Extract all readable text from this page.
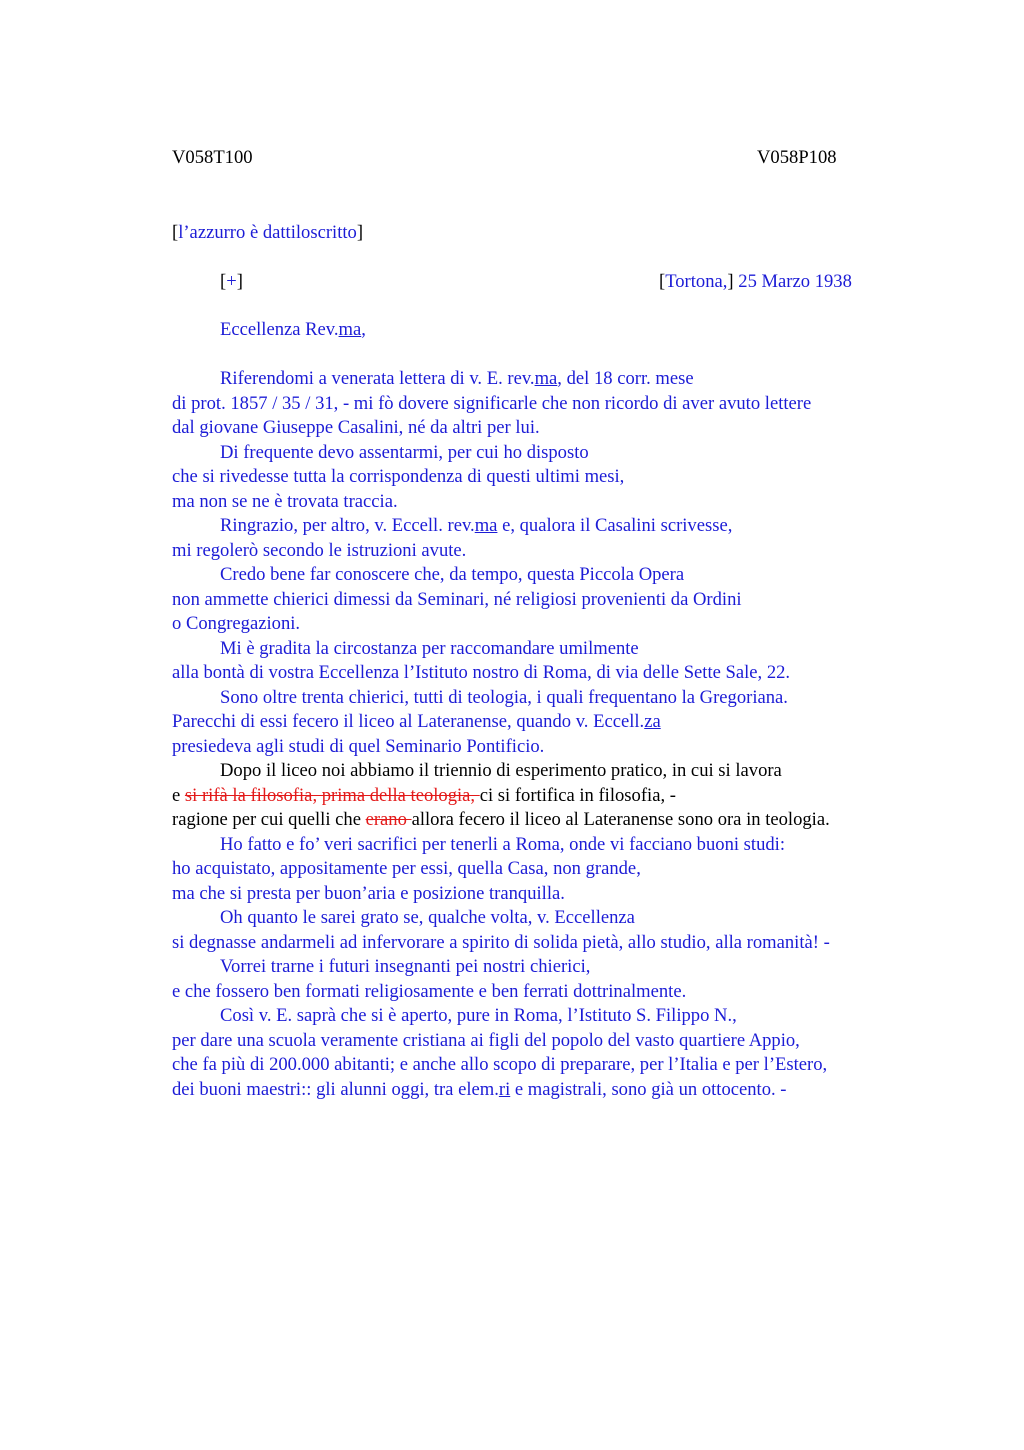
V058T100	V058P108
[l’azzurro è dattiloscritto]
[+]	[Tortona,] 25 Marzo 1938
Eccellenza Rev.ma,
Riferendomi a venerata lettera di v. E. rev.ma, del 18 corr. mese
di prot. 1857 / 35 / 31, - mi fò dovere significarle che non ricordo di aver avuto lettere
dal giovane Giuseppe Casalini, né da altri per lui.
Di frequente devo assentarmi, per cui ho disposto
che si rivedesse tutta la corrispondenza di questi ultimi mesi,
ma non se ne è trovata traccia.
Ringrazio, per altro, v. Eccell. rev.ma e, qualora il Casalini scrivesse,
mi regolerò secondo le istruzioni avute.
Credo bene far conoscere che, da tempo, questa Piccola Opera
non ammette chierici dimessi da Seminari, né religiosi provenienti da Ordini
o Congregazioni.
Mi è gradita la circostanza per raccomandare umilmente
alla bontà di vostra Eccellenza l’Istituto nostro di Roma, di via delle Sette Sale, 22.
Sono oltre trenta chierici, tutti di teologia, i quali frequentano la Gregoriana.
Parecchi di essi fecero il liceo al Lateranense, quando v. Eccell.za
presiedeva agli studi di quel Seminario Pontificio.
Dopo il liceo noi abbiamo il triennio di esperimento pratico, in cui si lavora
e si rifà la filosofia, prima della teologia, ci si fortifica in filosofia, -
ragione per cui quelli che erano allora fecero il liceo al Lateranense sono ora in teologia.
Ho fatto e fo’ veri sacrifici per tenerli a Roma, onde vi facciano buoni studi:
ho acquistato, appositamente per essi, quella Casa, non grande,
ma che si presta per buon’aria e posizione tranquilla.
Oh quanto le sarei grato se, qualche volta, v. Eccellenza
si degnasse andarmeli ad infervorare a spirito di solida pietà, allo studio, alla romanità! -
Vorrei trarne i futuri insegnanti pei nostri chierici,
e che fossero ben formati religiosamente e ben ferrati dottrinalmente.
Così v. E. saprà che si è aperto, pure in Roma, l’Istituto S. Filippo N.,
per dare una scuola veramente cristiana ai figli del popolo del vasto quartiere Appio,
che fa più di 200.000 abitanti; e anche allo scopo di preparare, per l’Italia e per l’Estero,
dei buoni maestri:: gli alunni oggi, tra elem.ri e magistrali, sono già un ottocento. -
